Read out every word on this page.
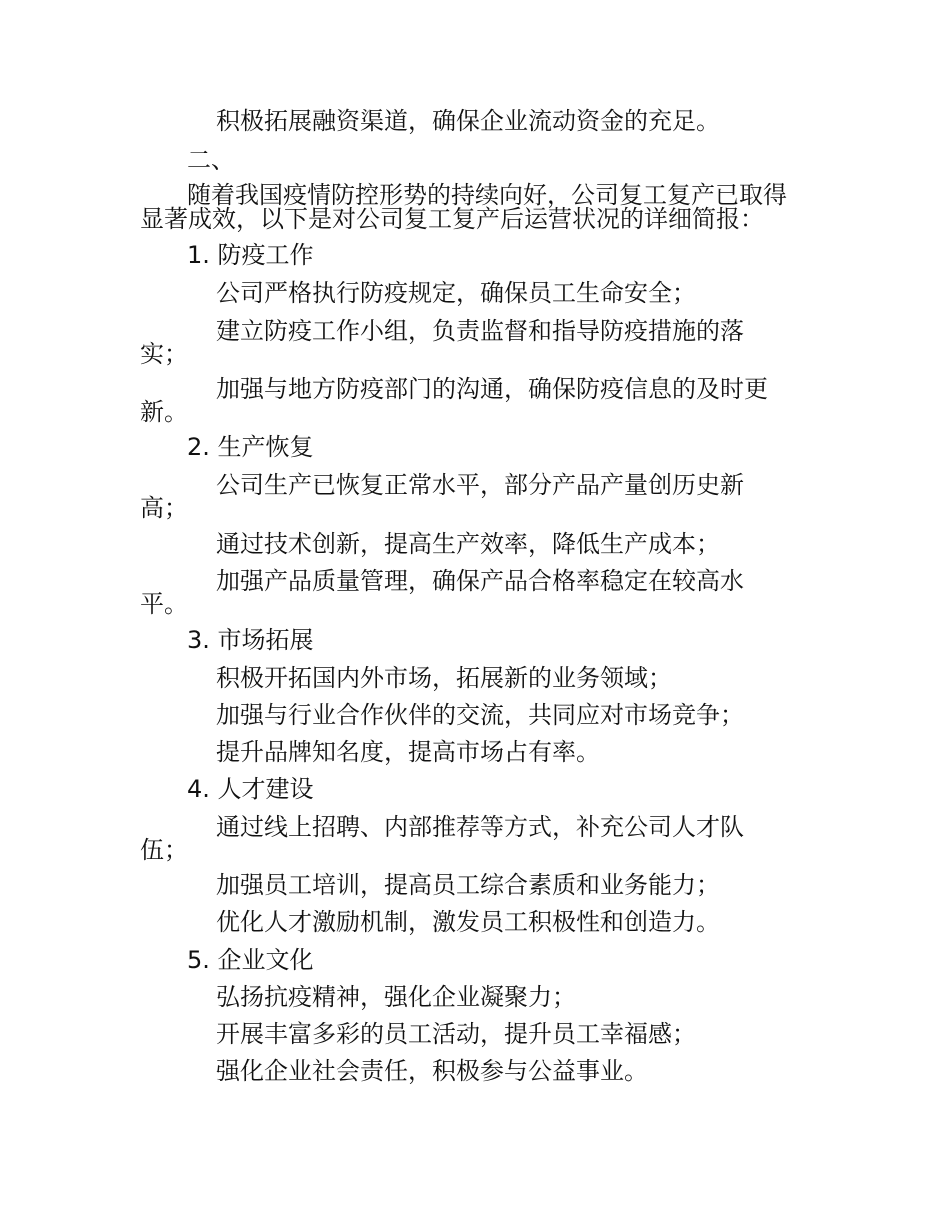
积极拓展融资渠道，确保企业流动资金的充足。

二、

随着我国疫情防控形势的持续向好，公司复工复产已取得

显著成效，以下是对公司复工复产后运营状况的详细简报：

1. 防疫工作

公司严格执行防疫规定，确保员工生命安全；

建立防疫工作小组，负责监督和指导防疫措施的落

实；

加强与地方防疫部门的沟通，确保防疫信息的及时更

新。

2. 生产恢复

公司生产已恢复正常水平，部分产品产量创历史新

高；

通过技术创新，提高生产效率，降低生产成本；

加强产品质量管理，确保产品合格率稳定在较高水

平。

3. 市场拓展

积极开拓国内外市场，拓展新的业务领域；

加强与行业合作伙伴的交流，共同应对市场竞争；

提升品牌知名度，提高市场占有率。

4. 人才建设

通过线上招聘、内部推荐等方式，补充公司人才队

伍；

加强员工培训，提高员工综合素质和业务能力；

优化人才激励机制，激发员工积极性和创造力。

5. 企业文化

弘扬抗疫精神，强化企业凝聚力；

开展丰富多彩的员工活动，提升员工幸福感；

强化企业社会责任，积极参与公益事业。
